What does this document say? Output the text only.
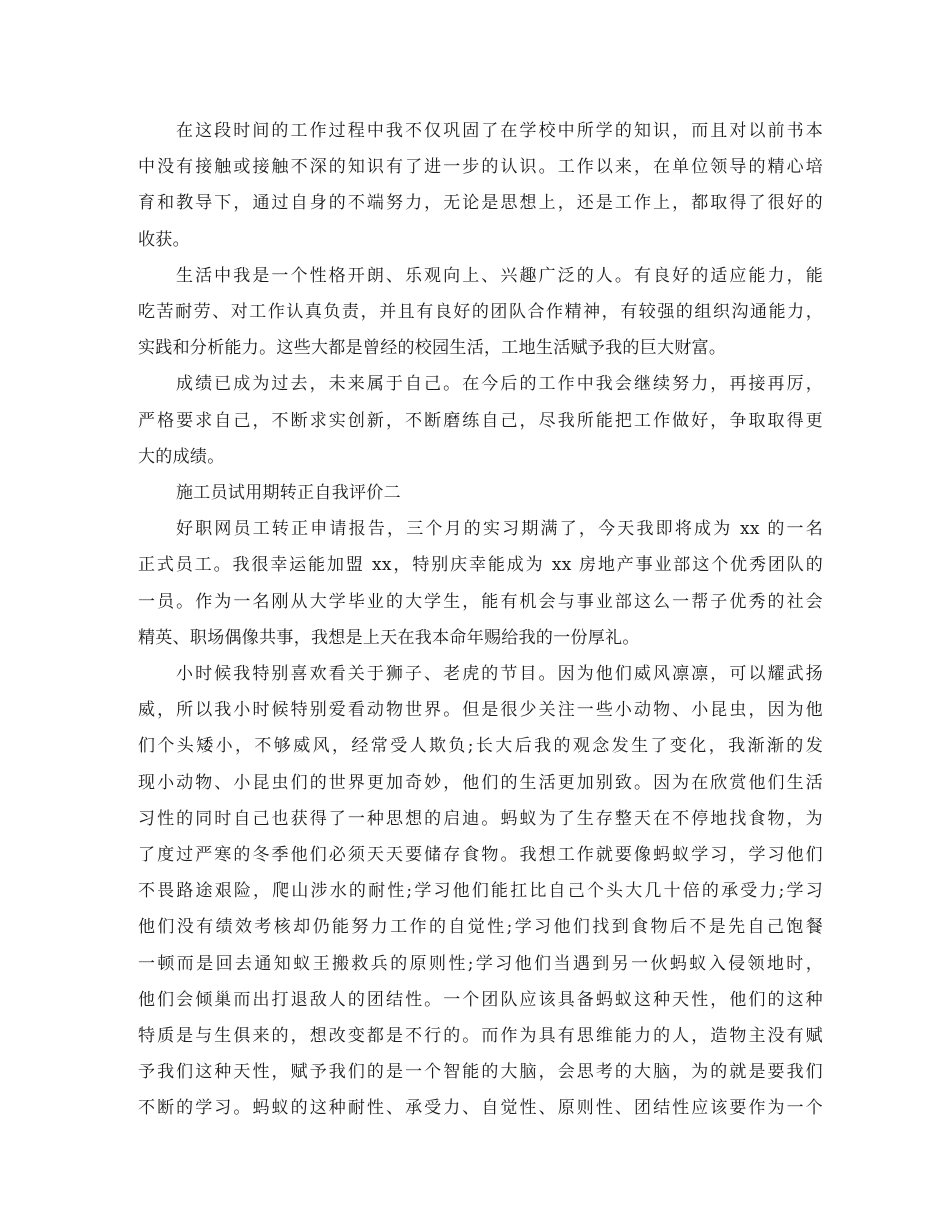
在这段时间的工作过程中我不仅巩固了在学校中所学的知识，而且对以前书本

中没有接触或接触不深的知识有了进一步的认识。工作以来，在单位领导的精心培

育和教导下，通过自身的不端努力，无论是思想上，还是工作上，都取得了很好的

收获。

生活中我是一个性格开朗、乐观向上、兴趣广泛的人。有良好的适应能力，能

吃苦耐劳、对工作认真负责，并且有良好的团队合作精神，有较强的组织沟通能力，

实践和分析能力。这些大都是曾经的校园生活，工地生活赋予我的巨大财富。

成绩已成为过去，未来属于自己。在今后的工作中我会继续努力，再接再厉，

严格要求自己，不断求实创新，不断磨练自己，尽我所能把工作做好，争取取得更

大的成绩。

施工员试用期转正自我评价二

好职网员工转正申请报告，三个月的实习期满了，今天我即将成为 xx 的一名

正式员工。我很幸运能加盟 xx，特别庆幸能成为 xx 房地产事业部这个优秀团队的

一员。作为一名刚从大学毕业的大学生，能有机会与事业部这么一帮子优秀的社会

精英、职场偶像共事，我想是上天在我本命年赐给我的一份厚礼。

小时候我特别喜欢看关于狮子、老虎的节目。因为他们威风凛凛，可以耀武扬

威，所以我小时候特别爱看动物世界。但是很少关注一些小动物、小昆虫，因为他

们个头矮小，不够威风，经常受人欺负;长大后我的观念发生了变化，我渐渐的发

现小动物、小昆虫们的世界更加奇妙，他们的生活更加别致。因为在欣赏他们生活

习性的同时自己也获得了一种思想的启迪。蚂蚁为了生存整天在不停地找食物，为

了度过严寒的冬季他们必须天天要储存食物。我想工作就要像蚂蚁学习，学习他们

不畏路途艰险，爬山涉水的耐性;学习他们能扛比自己个头大几十倍的承受力;学习

他们没有绩效考核却仍能努力工作的自觉性;学习他们找到食物后不是先自己饱餐

一顿而是回去通知蚁王搬救兵的原则性;学习他们当遇到另一伙蚂蚁入侵领地时，

他们会倾巢而出打退敌人的团结性。一个团队应该具备蚂蚁这种天性，他们的这种

特质是与生俱来的，想改变都是不行的。而作为具有思维能力的人，造物主没有赋

予我们这种天性，赋予我们的是一个智能的大脑，会思考的大脑，为的就是要我们

不断的学习。蚂蚁的这种耐性、承受力、自觉性、原则性、团结性应该要作为一个
